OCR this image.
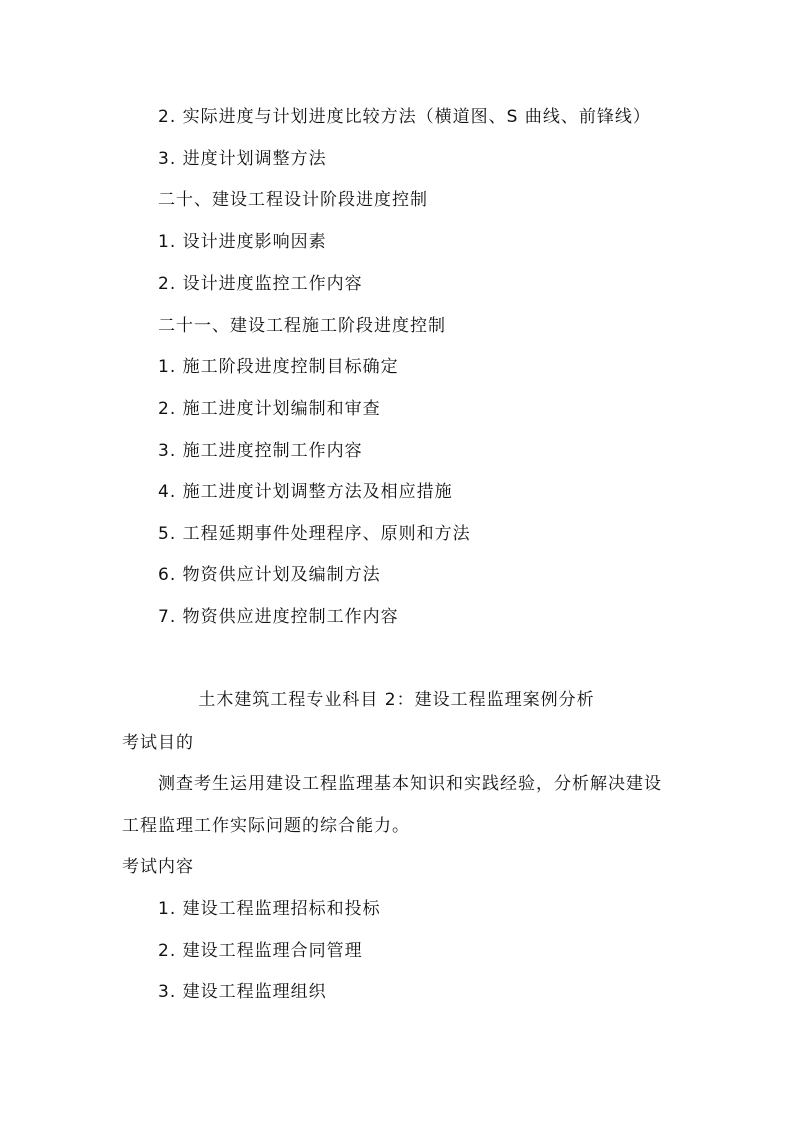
2. 实际进度与计划进度比较方法（横道图、S 曲线、前锋线）
3. 进度计划调整方法
二十、建设工程设计阶段进度控制
1. 设计进度影响因素
2. 设计进度监控工作内容
二十一、建设工程施工阶段进度控制
1. 施工阶段进度控制目标确定
2. 施工进度计划编制和审查
3. 施工进度控制工作内容
4. 施工进度计划调整方法及相应措施
5. 工程延期事件处理程序、原则和方法
6. 物资供应计划及编制方法
7. 物资供应进度控制工作内容
土木建筑工程专业科目 2：建设工程监理案例分析
考试目的
测查考生运用建设工程监理基本知识和实践经验，分析解决建设
工程监理工作实际问题的综合能力。
考试内容
1. 建设工程监理招标和投标
2. 建设工程监理合同管理
3. 建设工程监理组织
